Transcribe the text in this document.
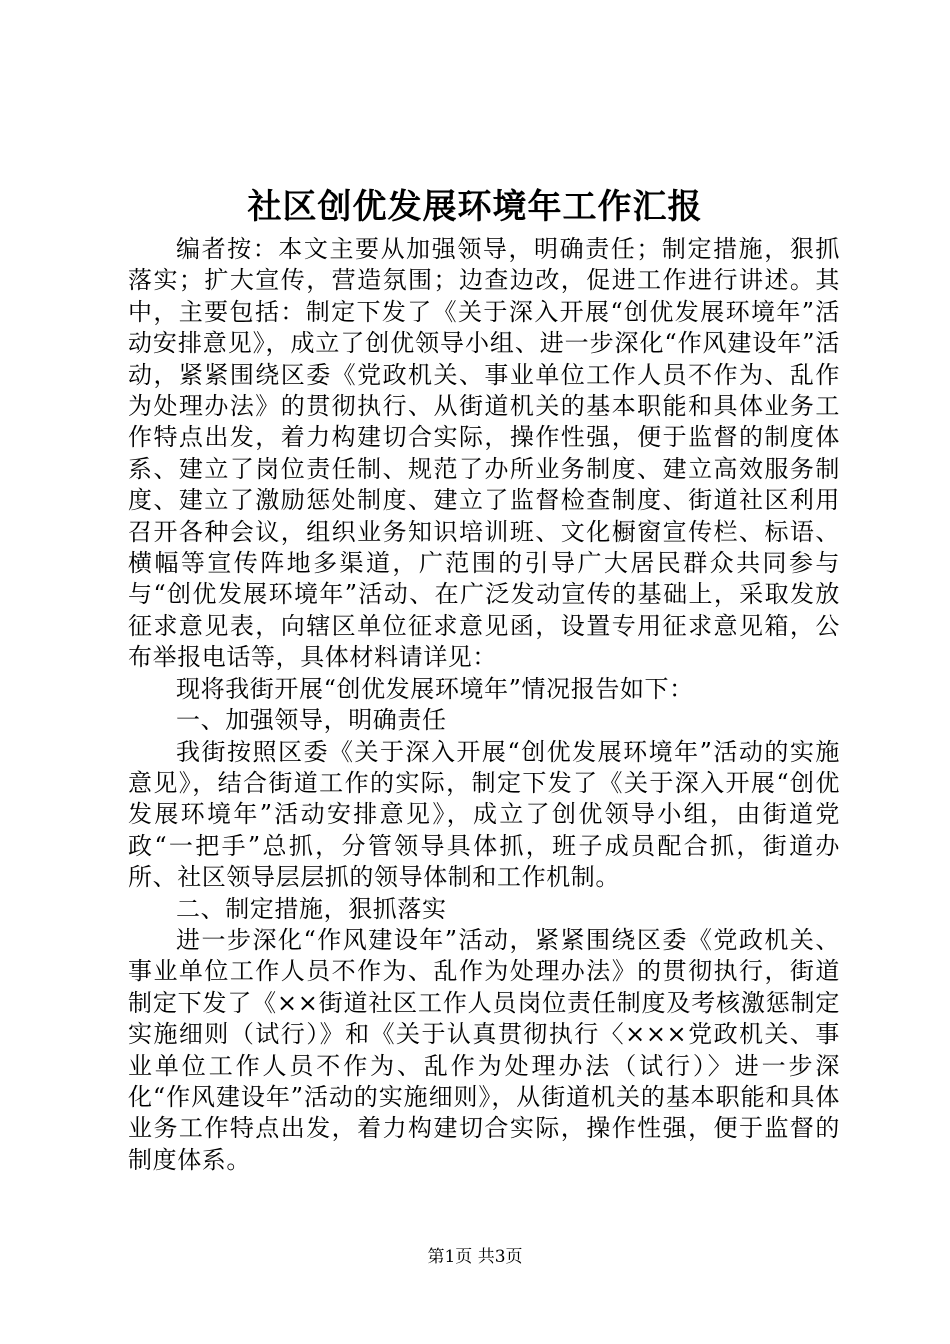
社区创优发展环境年工作汇报

编者按：本文主要从加强领导，明确责任；制定措施，狠抓落实；扩大宣传，营造氛围；边查边改，促进工作进行讲述。其中，主要包括：制定下发了《关于深入开展“创优发展环境年”活动安排意见》，成立了创优领导小组、进一步深化“作风建设年”活动，紧紧围绕区委《党政机关、事业单位工作人员不作为、乱作为处理办法》的贯彻执行、从街道机关的基本职能和具体业务工作特点出发，着力构建切合实际，操作性强，便于监督的制度体系、建立了岗位责任制、规范了办所业务制度、建立高效服务制度、建立了激励惩处制度、建立了监督检查制度、街道社区利用召开各种会议，组织业务知识培训班、文化橱窗宣传栏、标语、横幅等宣传阵地多渠道，广范围的引导广大居民群众共同参与与“创优发展环境年”活动、在广泛发动宣传的基础上，采取发放征求意见表，向辖区单位征求意见函，设置专用征求意见箱，公布举报电话等，具体材料请详见：

现将我街开展“创优发展环境年”情况报告如下：

一、加强领导，明确责任

我街按照区委《关于深入开展“创优发展环境年”活动的实施意见》，结合街道工作的实际，制定下发了《关于深入开展“创优发展环境年”活动安排意见》，成立了创优领导小组，由街道党政“一把手”总抓，分管领导具体抓，班子成员配合抓，街道办所、社区领导层层抓的领导体制和工作机制。

二、制定措施，狠抓落实

进一步深化“作风建设年”活动，紧紧围绕区委《党政机关、事业单位工作人员不作为、乱作为处理办法》的贯彻执行，街道制定下发了《××街道社区工作人员岗位责任制度及考核激惩制定实施细则（试行）》和《关于认真贯彻执行〈×××党政机关、事业单位工作人员不作为、乱作为处理办法（试行）〉进一步深化“作风建设年”活动的实施细则》，从街道机关的基本职能和具体业务工作特点出发，着力构建切合实际，操作性强，便于监督的制度体系。

第1页 共3页
